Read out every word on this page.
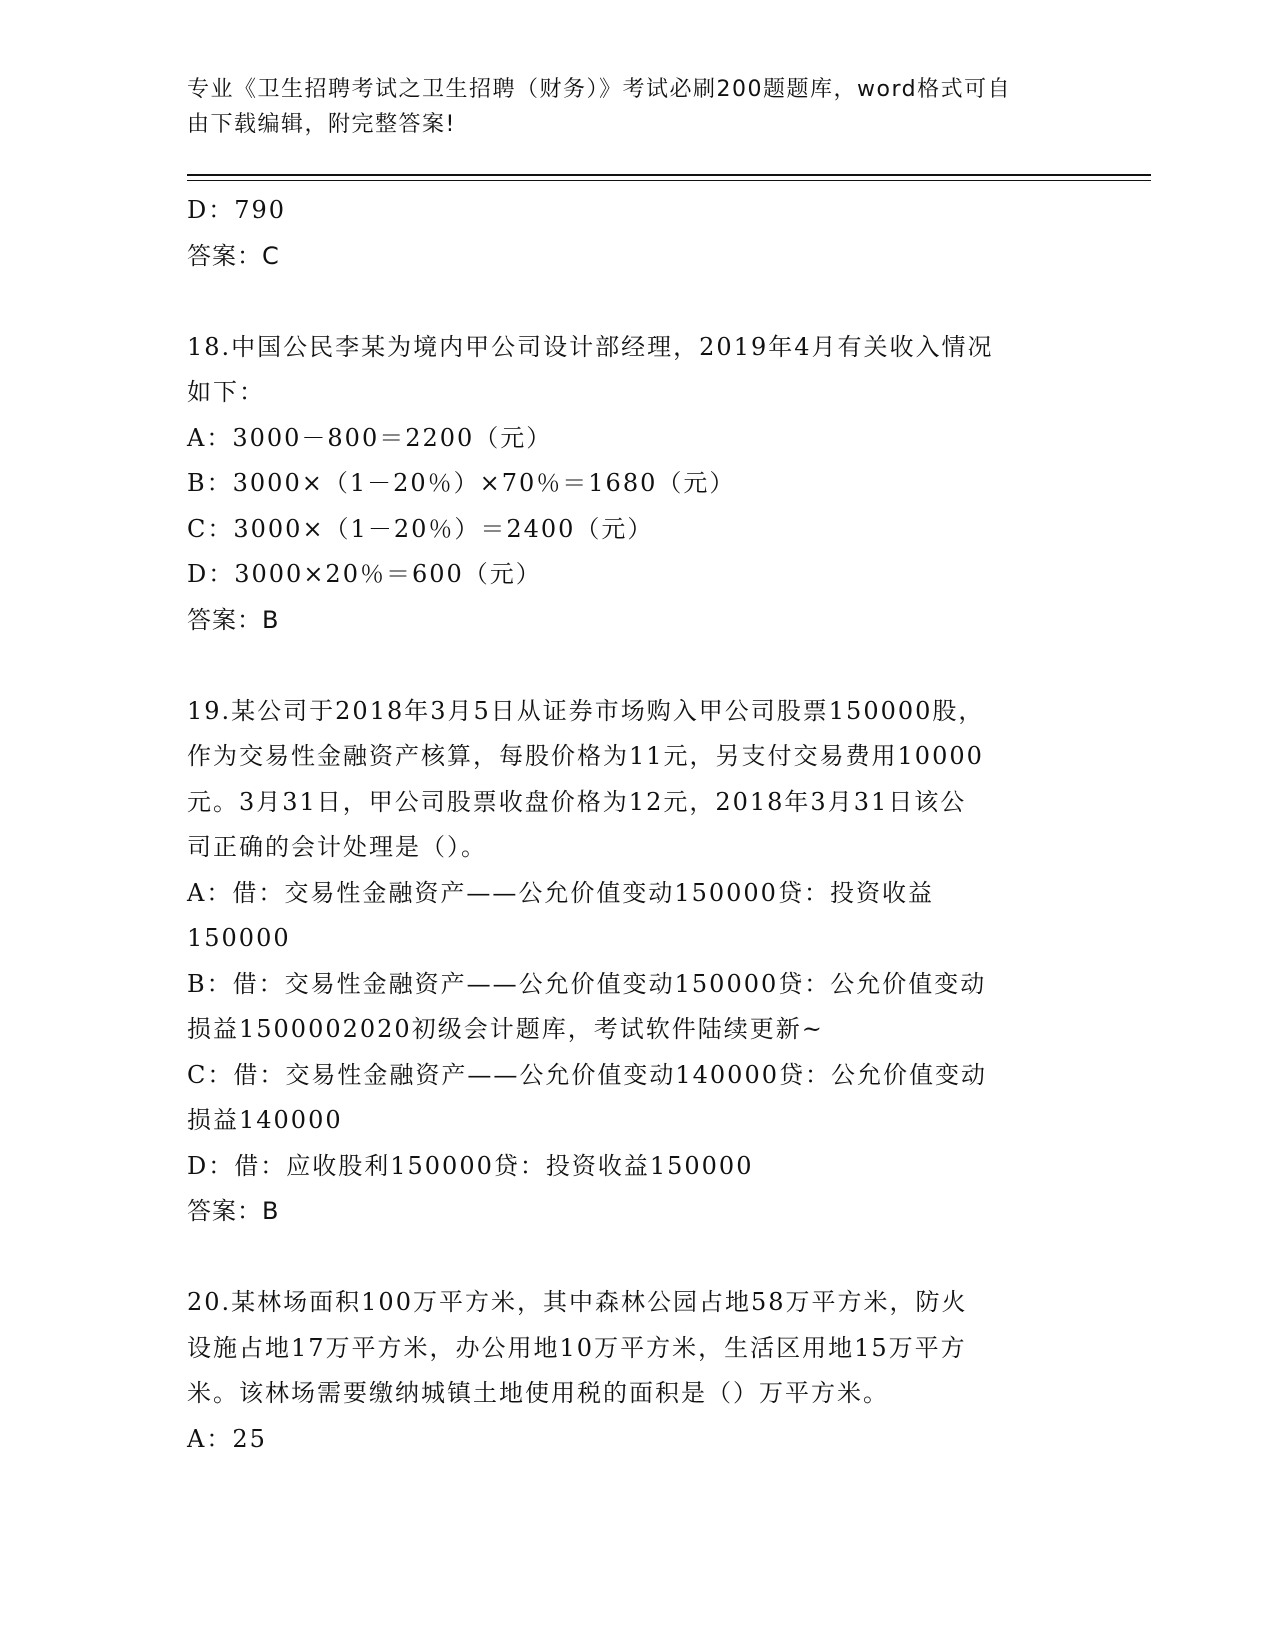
专业《卫生招聘考试之卫生招聘（财务）》考试必刷200题题库，word格式可自
由下载编辑，附完整答案!
D：790
答案：C
18.中国公民李某为境内甲公司设计部经理，2019年4月有关收入情况
如下：
A：3000－800＝2200（元）
B：3000×（1－20％）×70％＝1680（元）
C：3000×（1－20％）＝2400（元）
D：3000×20％＝600（元）
答案：B
19.某公司于2018年3月5日从证券市场购入甲公司股票150000股，
作为交易性金融资产核算，每股价格为11元，另支付交易费用10000
元。3月31日，甲公司股票收盘价格为12元，2018年3月31日该公
司正确的会计处理是（）。
A：借：交易性金融资产——公允价值变动150000贷：投资收益
150000
B：借：交易性金融资产——公允价值变动150000贷：公允价值变动
损益1500002020初级会计题库，考试软件陆续更新~
C：借：交易性金融资产——公允价值变动140000贷：公允价值变动
损益140000
D：借：应收股利150000贷：投资收益150000
答案：B
20.某林场面积100万平方米，其中森林公园占地58万平方米，防火
设施占地17万平方米，办公用地10万平方米，生活区用地15万平方
米。该林场需要缴纳城镇土地使用税的面积是（）万平方米。
A：25
